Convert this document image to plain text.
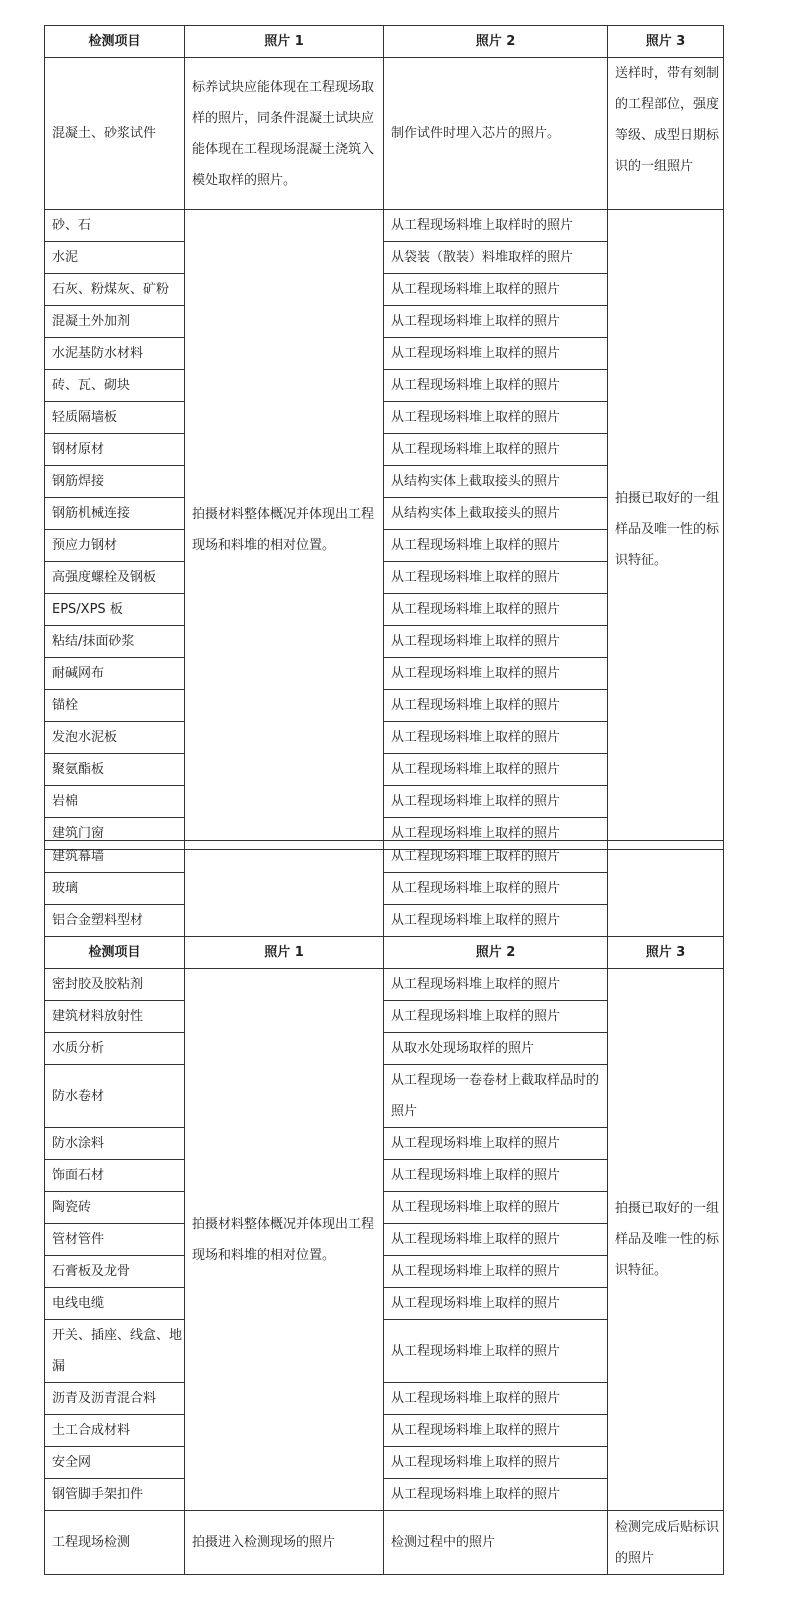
检测项目	照片 1	照片 2	照片 3
混凝土、砂浆试件	标养试块应能体现在工程现场取样的照片，同条件混凝土试块应能体现在工程现场混凝土浇筑入模处取样的照片。	制作试件时埋入芯片的照片。	送样时，带有刻制的工程部位，强度等级、成型日期标识的一组照片
砂、石	拍摄材料整体概况并体现出工程现场和料堆的相对位置。	从工程现场料堆上取样时的照片	拍摄已取好的一组样品及唯一性的标识特征。
水泥		从袋装（散装）料堆取样的照片	
石灰、粉煤灰、矿粉		从工程现场料堆上取样的照片	
混凝土外加剂		从工程现场料堆上取样的照片	
水泥基防水材料		从工程现场料堆上取样的照片	
砖、瓦、砌块		从工程现场料堆上取样的照片	
轻质隔墙板		从工程现场料堆上取样的照片	
钢材原材		从工程现场料堆上取样的照片	
钢筋焊接		从结构实体上截取接头的照片	
钢筋机械连接		从结构实体上截取接头的照片	
预应力钢材		从工程现场料堆上取样的照片	
高强度螺栓及钢板		从工程现场料堆上取样的照片	
EPS/XPS 板		从工程现场料堆上取样的照片	
粘结/抹面砂浆		从工程现场料堆上取样的照片	
耐碱网布		从工程现场料堆上取样的照片	
锚栓		从工程现场料堆上取样的照片	
发泡水泥板		从工程现场料堆上取样的照片	
聚氨酯板		从工程现场料堆上取样的照片	
岩棉		从工程现场料堆上取样的照片	
建筑门窗		从工程现场料堆上取样的照片	
建筑幕墙		从工程现场料堆上取样的照片	
玻璃		从工程现场料堆上取样的照片	
铝合金塑料型材		从工程现场料堆上取样的照片	
检测项目	照片 1	照片 2	照片 3
密封胶及胶粘剂	拍摄材料整体概况并体现出工程现场和料堆的相对位置。	从工程现场料堆上取样的照片	拍摄已取好的一组样品及唯一性的标识特征。
建筑材料放射性		从工程现场料堆上取样的照片	
水质分析		从取水处现场取样的照片	
防水卷材		从工程现场一卷卷材上截取样品时的照片	
防水涂料		从工程现场料堆上取样的照片	
饰面石材		从工程现场料堆上取样的照片	
陶瓷砖		从工程现场料堆上取样的照片	
管材管件		从工程现场料堆上取样的照片	
石膏板及龙骨		从工程现场料堆上取样的照片	
电线电缆		从工程现场料堆上取样的照片	
开关、插座、线盒、地漏		从工程现场料堆上取样的照片	
沥青及沥青混合料		从工程现场料堆上取样的照片	
土工合成材料		从工程现场料堆上取样的照片	
安全网		从工程现场料堆上取样的照片	
钢管脚手架扣件		从工程现场料堆上取样的照片	
工程现场检测	拍摄进入检测现场的照片	检测过程中的照片	检测完成后贴标识的照片
